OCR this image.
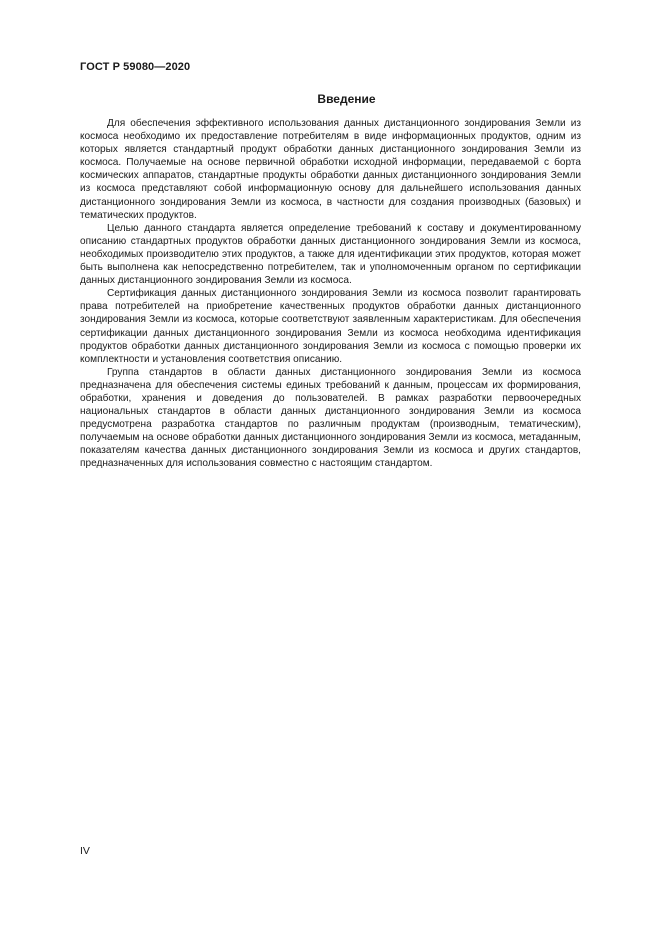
ГОСТ Р 59080—2020
Введение

Для обеспечения эффективного использования данных дистанционного зондирования Земли из космоса необходимо их предоставление потребителям в виде информационных продуктов, одним из которых является стандартный продукт обработки данных дистанционного зондирования Земли из космоса. Получаемые на основе первичной обработки исходной информации, передаваемой с борта космических аппаратов, стандартные продукты обработки данных дистанционного зондирования Земли из космоса представляют собой информационную основу для дальнейшего использования данных дистанционного зондирования Земли из космоса, в частности для создания производных (базовых) и тематических продуктов.

Целью данного стандарта является определение требований к составу и документированному описанию стандартных продуктов обработки данных дистанционного зондирования Земли из космоса, необходимых производителю этих продуктов, а также для идентификации этих продуктов, которая может быть выполнена как непосредственно потребителем, так и уполномоченным органом по сертификации данных дистанционного зондирования Земли из космоса.

Сертификация данных дистанционного зондирования Земли из космоса позволит гарантировать права потребителей на приобретение качественных продуктов обработки данных дистанционного зондирования Земли из космоса, которые соответствуют заявленным характеристикам. Для обеспечения сертификации данных дистанционного зондирования Земли из космоса необходима идентификация продуктов обработки данных дистанционного зондирования Земли из космоса с помощью проверки их комплектности и установления соответствия описанию.

Группа стандартов в области данных дистанционного зондирования Земли из космоса предназначена для обеспечения системы единых требований к данным, процессам их формирования, обработки, хранения и доведения до пользователей. В рамках разработки первоочередных национальных стандартов в области данных дистанционного зондирования Земли из космоса предусмотрена разработка стандартов по различным продуктам (производным, тематическим), получаемым на основе обработки данных дистанционного зондирования Земли из космоса, метаданным, показателям качества данных дистанционного зондирования Земли из космоса и других стандартов, предназначенных для использования совместно с настоящим стандартом.

IV
